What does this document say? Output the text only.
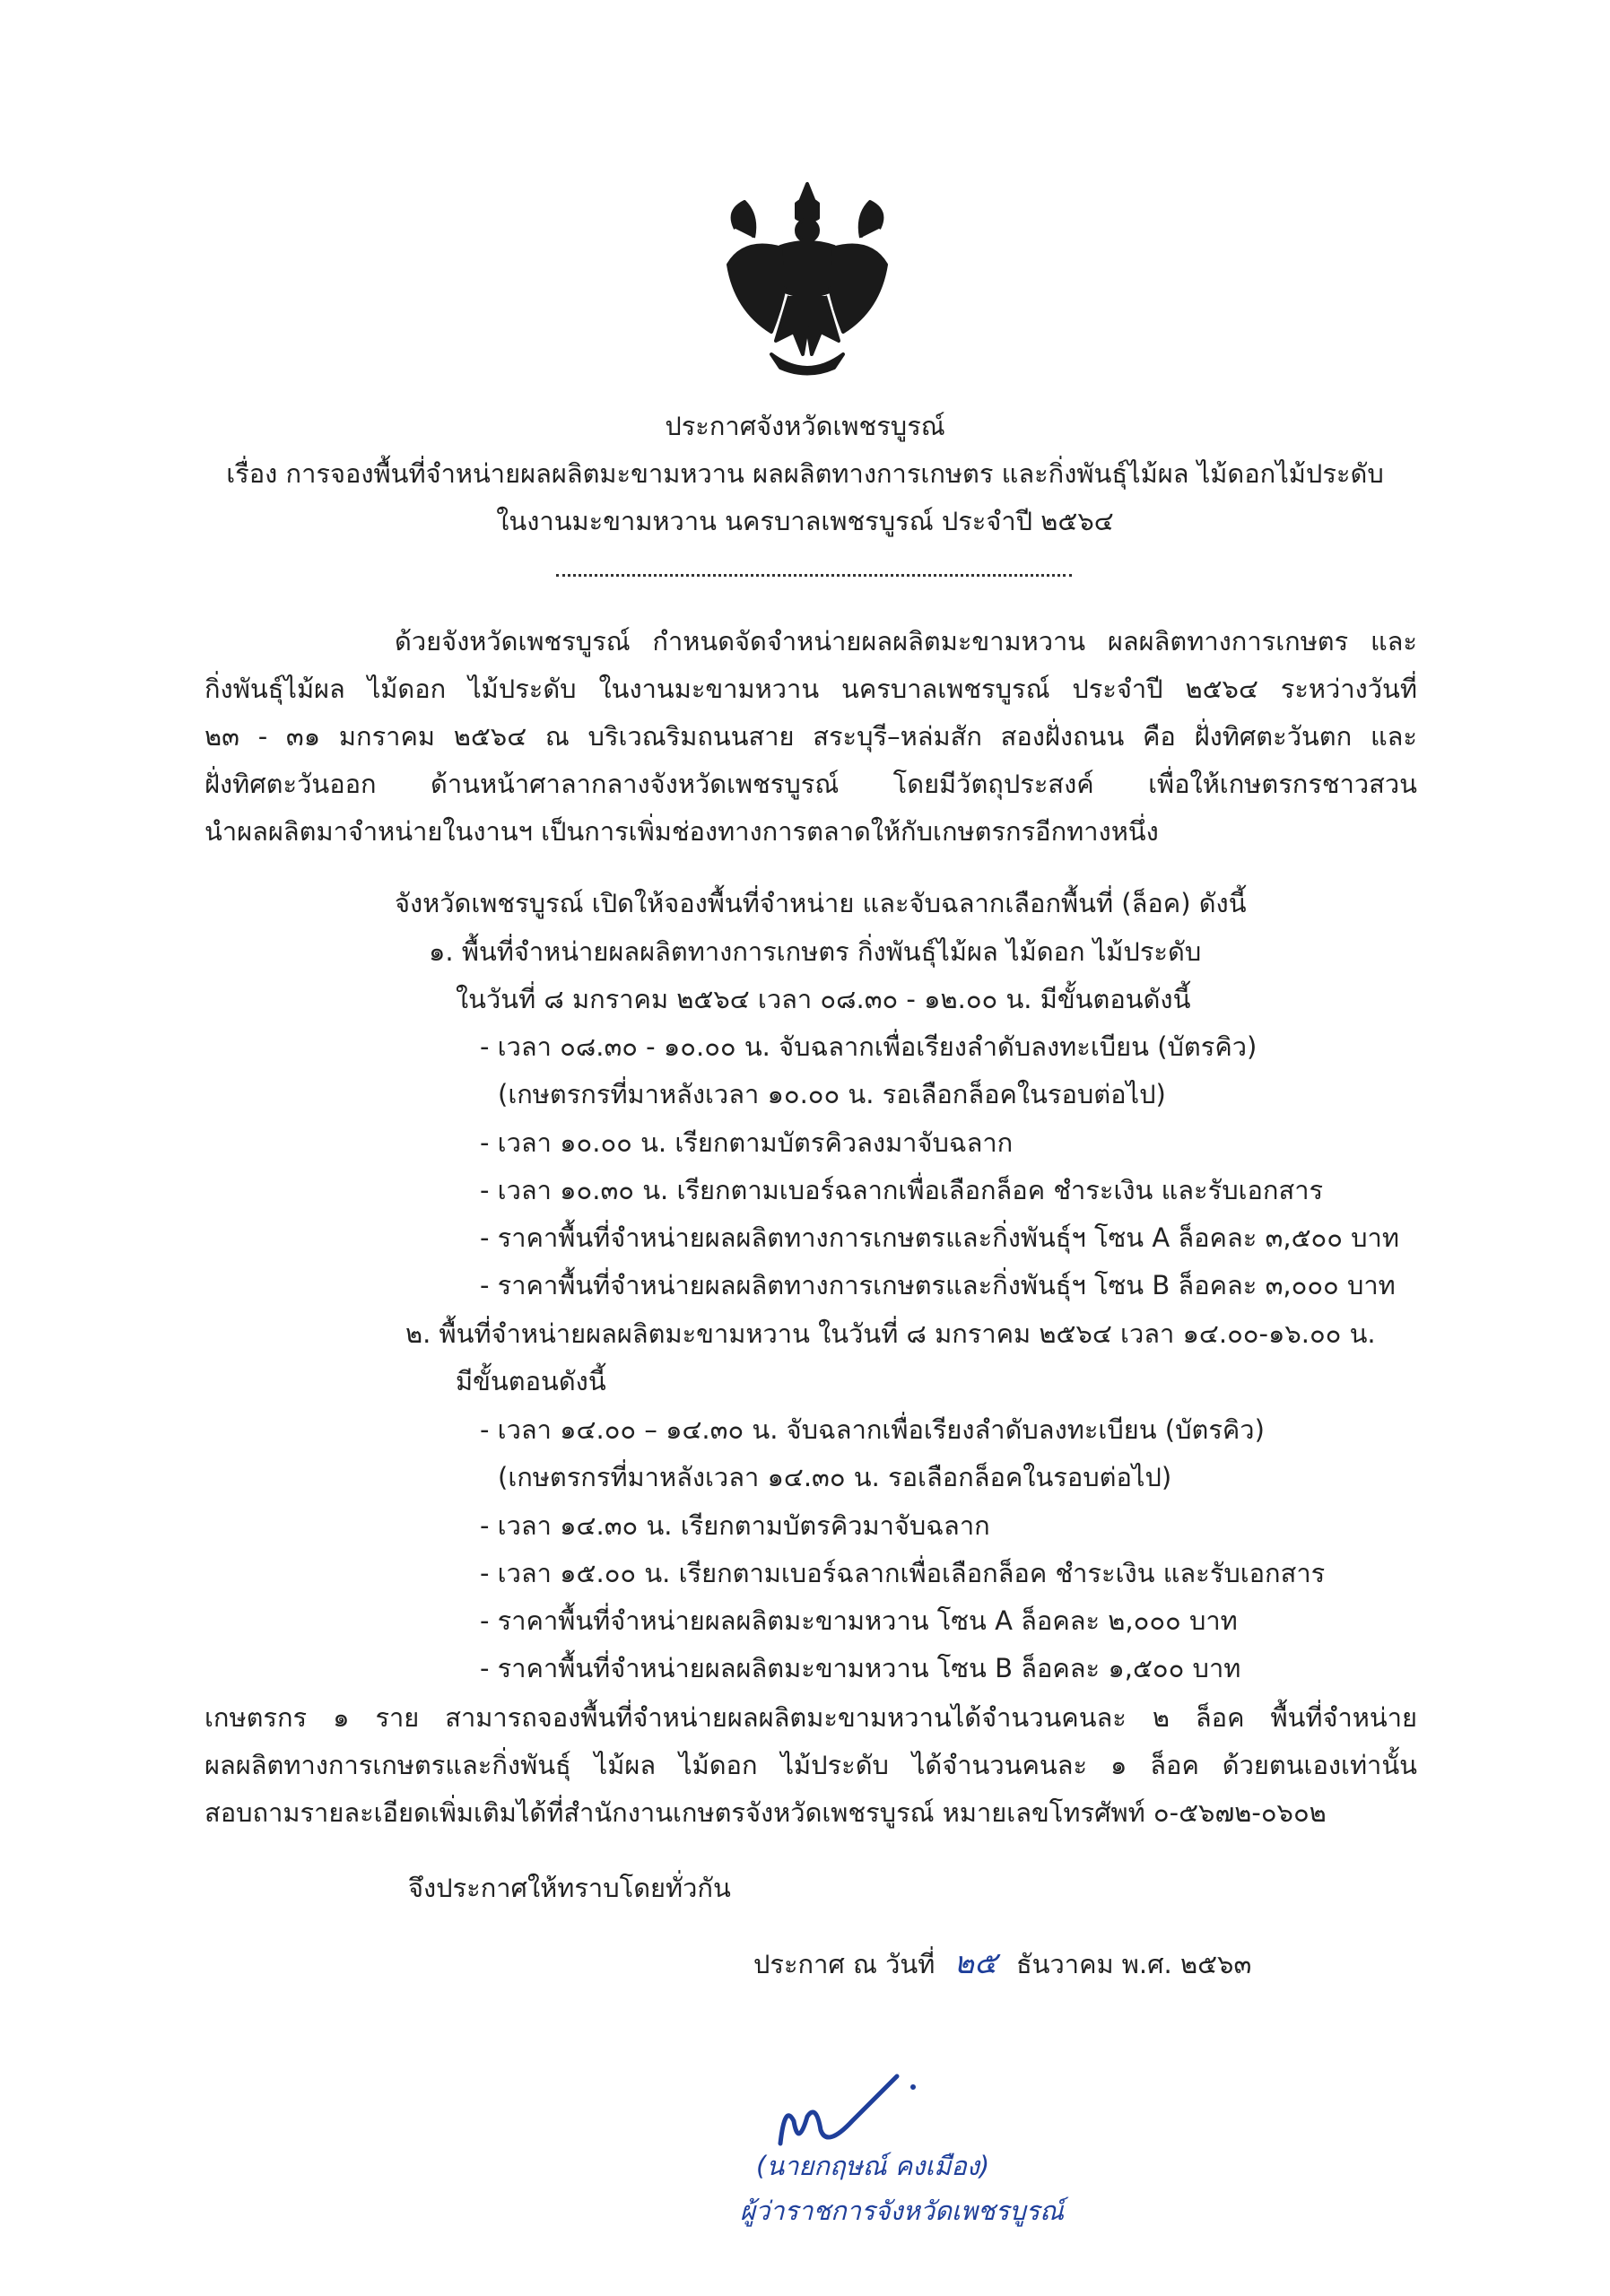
ประกาศจังหวัดเพชรบูรณ์
เรื่อง การจองพื้นที่จำหน่ายผลผลิตมะขามหวาน ผลผลิตทางการเกษตร และกิ่งพันธุ์ไม้ผล ไม้ดอกไม้ประดับ
ในงานมะขามหวาน นครบาลเพชรบูรณ์ ประจำปี ๒๕๖๔
ด้วยจังหวัดเพชรบูรณ์ กำหนดจัดจำหน่ายผลผลิตมะขามหวาน ผลผลิตทางการเกษตร และ
กิ่งพันธุ์ไม้ผล ไม้ดอก ไม้ประดับ ในงานมะขามหวาน นครบาลเพชรบูรณ์ ประจำปี ๒๕๖๔ ระหว่างวันที่
๒๓ - ๓๑ มกราคม ๒๕๖๔ ณ บริเวณริมถนนสาย สระบุรี–หล่มสัก สองฝั่งถนน คือ ฝั่งทิศตะวันตก และ
ฝั่งทิศตะวันออก ด้านหน้าศาลากลางจังหวัดเพชรบูรณ์ โดยมีวัตถุประสงค์ เพื่อให้เกษตรกรชาวสวน
นำผลผลิตมาจำหน่ายในงานฯ เป็นการเพิ่มช่องทางการตลาดให้กับเกษตรกรอีกทางหนึ่ง
จังหวัดเพชรบูรณ์ เปิดให้จองพื้นที่จำหน่าย และจับฉลากเลือกพื้นที่ (ล็อค) ดังนี้
๑. พื้นที่จำหน่ายผลผลิตทางการเกษตร กิ่งพันธุ์ไม้ผล ไม้ดอก ไม้ประดับ
ในวันที่ ๘ มกราคม ๒๕๖๔ เวลา ๐๘.๓๐ - ๑๒.๐๐ น. มีขั้นตอนดังนี้
- เวลา ๐๘.๓๐ - ๑๐.๐๐ น. จับฉลากเพื่อเรียงลำดับลงทะเบียน (บัตรคิว)
(เกษตรกรที่มาหลังเวลา ๑๐.๐๐ น. รอเลือกล็อคในรอบต่อไป)
- เวลา ๑๐.๐๐ น. เรียกตามบัตรคิวลงมาจับฉลาก
- เวลา ๑๐.๓๐ น. เรียกตามเบอร์ฉลากเพื่อเลือกล็อค ชำระเงิน และรับเอกสาร
- ราคาพื้นที่จำหน่ายผลผลิตทางการเกษตรและกิ่งพันธุ์ฯ โซน A ล็อคละ ๓,๕๐๐ บาท
- ราคาพื้นที่จำหน่ายผลผลิตทางการเกษตรและกิ่งพันธุ์ฯ โซน B ล็อคละ ๓,๐๐๐ บาท
๒. พื้นที่จำหน่ายผลผลิตมะขามหวาน ในวันที่ ๘ มกราคม ๒๕๖๔ เวลา ๑๔.๐๐-๑๖.๐๐ น.
มีขั้นตอนดังนี้
- เวลา ๑๔.๐๐ – ๑๔.๓๐ น. จับฉลากเพื่อเรียงลำดับลงทะเบียน (บัตรคิว)
(เกษตรกรที่มาหลังเวลา ๑๔.๓๐ น. รอเลือกล็อคในรอบต่อไป)
- เวลา ๑๔.๓๐ น. เรียกตามบัตรคิวมาจับฉลาก
- เวลา ๑๕.๐๐ น. เรียกตามเบอร์ฉลากเพื่อเลือกล็อค ชำระเงิน และรับเอกสาร
- ราคาพื้นที่จำหน่ายผลผลิตมะขามหวาน โซน A ล็อคละ ๒,๐๐๐ บาท
- ราคาพื้นที่จำหน่ายผลผลิตมะขามหวาน โซน B ล็อคละ ๑,๕๐๐ บาท
เกษตรกร ๑ ราย สามารถจองพื้นที่จำหน่ายผลผลิตมะขามหวานได้จำนวนคนละ ๒ ล็อค พื้นที่จำหน่าย
ผลผลิตทางการเกษตรและกิ่งพันธุ์ ไม้ผล ไม้ดอก ไม้ประดับ ได้จำนวนคนละ ๑ ล็อค ด้วยตนเองเท่านั้น
สอบถามรายละเอียดเพิ่มเติมได้ที่สำนักงานเกษตรจังหวัดเพชรบูรณ์ หมายเลขโทรศัพท์ ๐-๕๖๗๒-๐๖๐๒
จึงประกาศให้ทราบโดยทั่วกัน
ประกาศ ณ วันที่ ๒๕ ธันวาคม พ.ศ. ๒๕๖๓
(นายกฤษณ์ คงเมือง)
ผู้ว่าราชการจังหวัดเพชรบูรณ์
